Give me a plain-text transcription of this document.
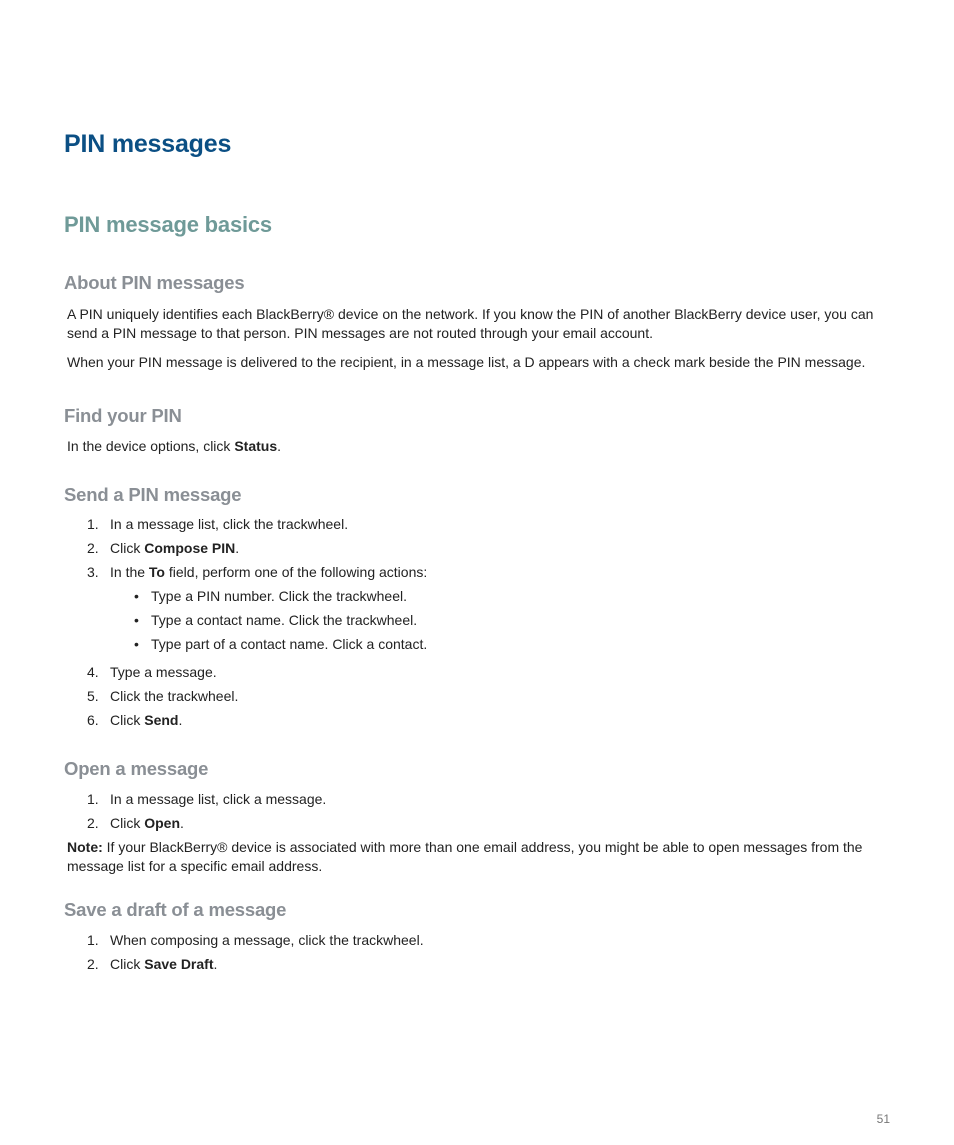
PIN messages
PIN message basics
About PIN messages

A PIN uniquely identifies each BlackBerry® device on the network. If you know the PIN of another BlackBerry device user, you can send a PIN message to that person. PIN messages are not routed through your email account.

When your PIN message is delivered to the recipient, in a message list, a D appears with a check mark beside the PIN message.

Find your PIN

In the device options, click Status.

Send a PIN message
1. In a message list, click the trackwheel.
2. Click Compose PIN.
3. In the To field, perform one of the following actions:
• Type a PIN number. Click the trackwheel.
• Type a contact name. Click the trackwheel.
• Type part of a contact name. Click a contact.
4. Type a message.
5. Click the trackwheel.
6. Click Send.
Open a message
1. In a message list, click a message.
2. Click Open.

Note: If your BlackBerry® device is associated with more than one email address, you might be able to open messages from the message list for a specific email address.

Save a draft of a message
1. When composing a message, click the trackwheel.
2. Click Save Draft.
51
